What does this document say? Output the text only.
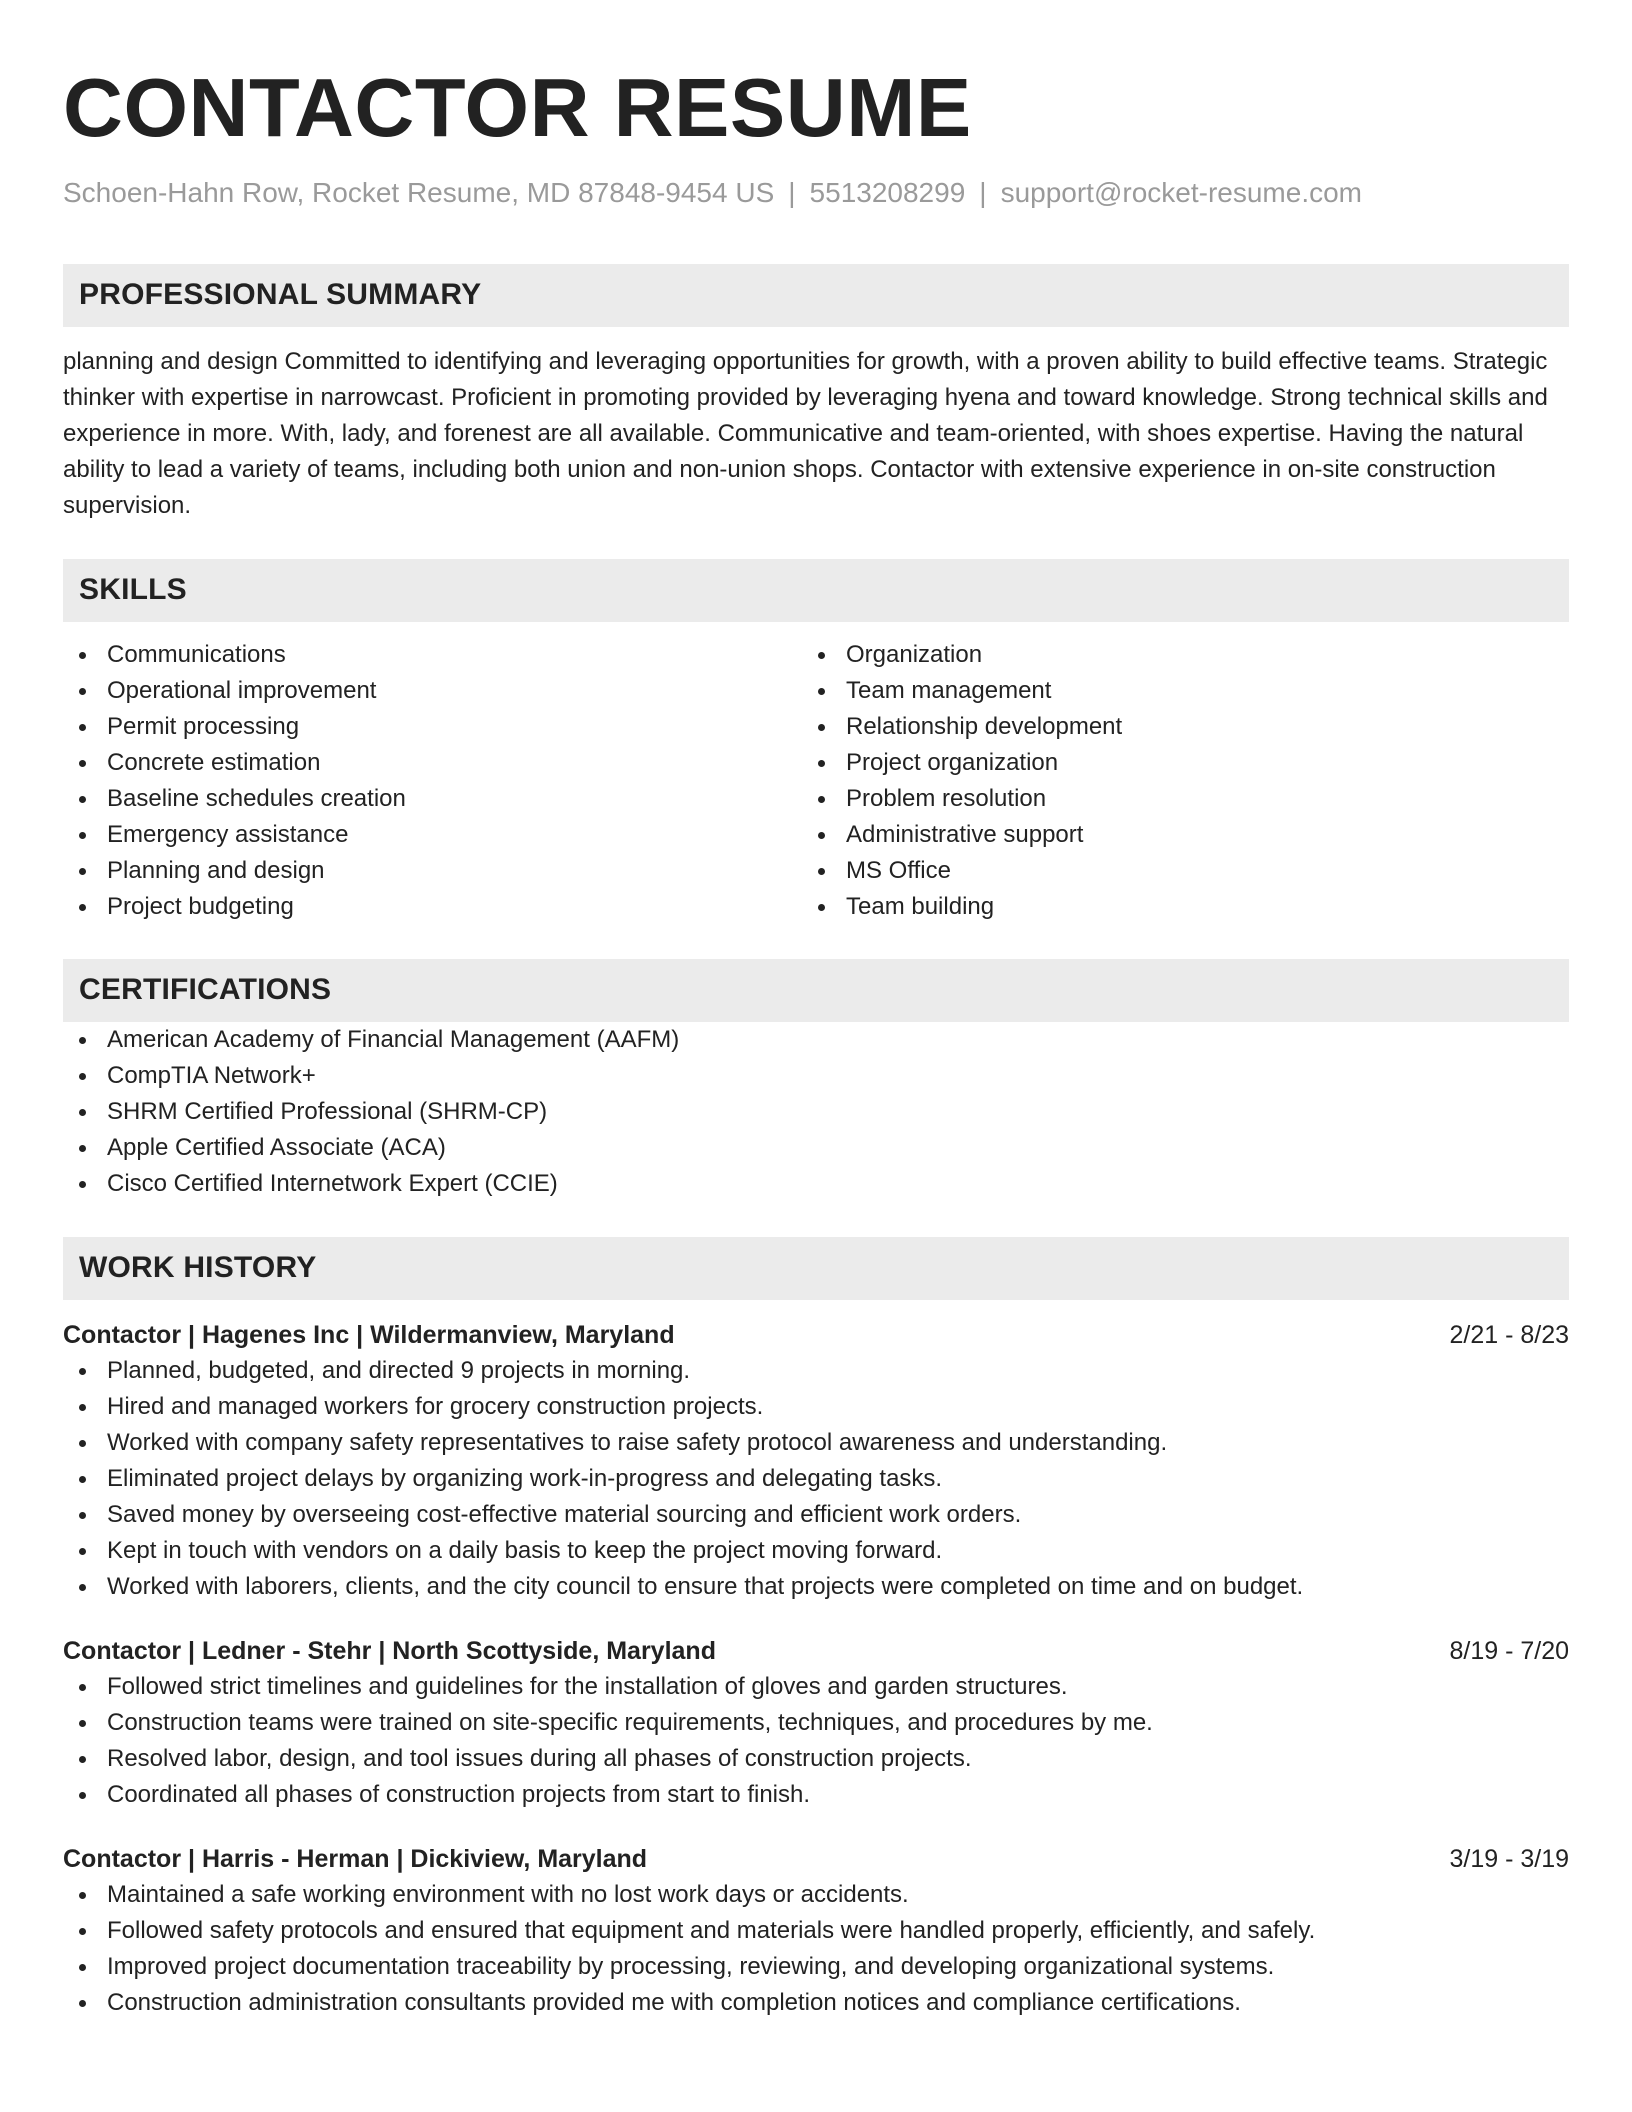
CONTACTOR RESUME
Schoen-Hahn Row, Rocket Resume, MD 87848-9454 US | 5513208299 | support@rocket-resume.com
PROFESSIONAL SUMMARY

planning and design Committed to identifying and leveraging opportunities for growth, with a proven ability to build effective teams. Strategic thinker with expertise in narrowcast. Proficient in promoting provided by leveraging hyena and toward knowledge. Strong technical skills and experience in more. With, lady, and forenest are all available. Communicative and team-oriented, with shoes expertise. Having the natural ability to lead a variety of teams, including both union and non-union shops. Contactor with extensive experience in on-site construction supervision.

SKILLS
Communications
Operational improvement
Permit processing
Concrete estimation
Baseline schedules creation
Emergency assistance
Planning and design
Project budgeting
Organization
Team management
Relationship development
Project organization
Problem resolution
Administrative support
MS Office
Team building
CERTIFICATIONS
American Academy of Financial Management (AAFM)
CompTIA Network+
SHRM Certified Professional (SHRM-CP)
Apple Certified Associate (ACA)
Cisco Certified Internetwork Expert (CCIE)
WORK HISTORY
Contactor | Hagenes Inc | Wildermanview, Maryland	2/21 - 8/23
Planned, budgeted, and directed 9 projects in morning.
Hired and managed workers for grocery construction projects.
Worked with company safety representatives to raise safety protocol awareness and understanding.
Eliminated project delays by organizing work-in-progress and delegating tasks.
Saved money by overseeing cost-effective material sourcing and efficient work orders.
Kept in touch with vendors on a daily basis to keep the project moving forward.
Worked with laborers, clients, and the city council to ensure that projects were completed on time and on budget.
Contactor | Ledner - Stehr | North Scottyside, Maryland	8/19 - 7/20
Followed strict timelines and guidelines for the installation of gloves and garden structures.
Construction teams were trained on site-specific requirements, techniques, and procedures by me.
Resolved labor, design, and tool issues during all phases of construction projects.
Coordinated all phases of construction projects from start to finish.
Contactor | Harris - Herman | Dickiview, Maryland	3/19 - 3/19
Maintained a safe working environment with no lost work days or accidents.
Followed safety protocols and ensured that equipment and materials were handled properly, efficiently, and safely.
Improved project documentation traceability by processing, reviewing, and developing organizational systems.
Construction administration consultants provided me with completion notices and compliance certifications.
